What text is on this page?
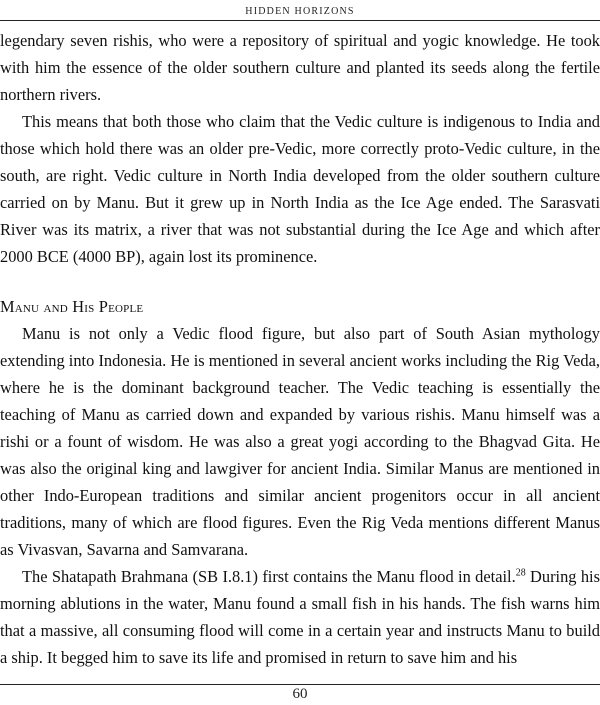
HIDDEN HORIZONS

legendary seven rishis, who were a repository of spiritual and yogic knowledge. He took with him the essence of the older southern culture and planted its seeds along the fertile northern rivers.

This means that both those who claim that the Vedic culture is indigenous to India and those which hold there was an older pre-Vedic, more correctly proto-Vedic culture, in the south, are right. Vedic culture in North India developed from the older southern culture carried on by Manu. But it grew up in North India as the Ice Age ended. The Sarasvati River was its matrix, a river that was not substantial during the Ice Age and which after 2000 BCE (4000 BP), again lost its prominence.

Manu and His People

Manu is not only a Vedic flood figure, but also part of South Asian mythology extending into Indonesia. He is mentioned in several ancient works including the Rig Veda, where he is the dominant background teacher. The Vedic teaching is essentially the teaching of Manu as carried down and expanded by various rishis. Manu himself was a rishi or a fount of wisdom. He was also a great yogi according to the Bhagvad Gita. He was also the original king and lawgiver for ancient India. Similar Manus are mentioned in other Indo-European traditions and similar ancient progenitors occur in all ancient traditions, many of which are flood figures. Even the Rig Veda mentions different Manus as Vivasvan, Savarna and Samvarana.

The Shatapath Brahmana (SB I.8.1) first contains the Manu flood in detail.$^{28}$ During his morning ablutions in the water, Manu found a small fish in his hands. The fish warns him that a massive, all consuming flood will come in a certain year and instructs Manu to build a ship. It begged him to save its life and promised in return to save him and his

60
